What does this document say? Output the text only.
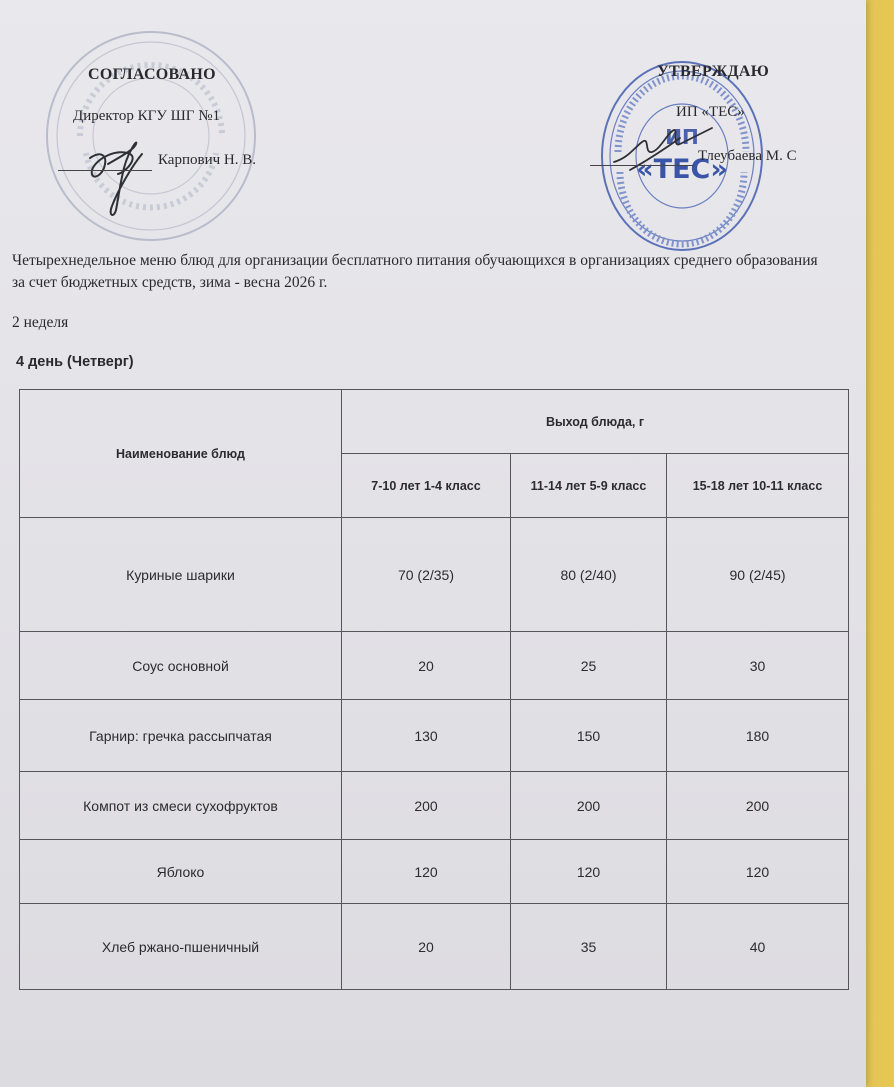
СОГЛАСОВАНО
Директор КГУ ШГ №1
Карпович Н. В.
ИП
«ТЕС»
УТВЕРЖДАЮ
ИП «ТЕС»
Тлеубаева М. С
Четырехнедельное меню блюд для организации бесплатного питания обучающихся в организациях среднего образования за счет бюджетных средств, зима - весна 2026 г.
2 неделя
4 день (Четверг)
Наименование блюд	Выход блюда, г		
	7-10 лет 1-4 класс	11-14 лет 5-9 класс	15-18 лет 10-11 класс
Куриные шарики	70 (2/35)	80 (2/40)	90 (2/45)
Соус основной	20	25	30
Гарнир: гречка рассыпчатая	130	150	180
Компот из смеси сухофруктов	200	200	200
Яблоко	120	120	120
Хлеб ржано-пшеничный	20	35	40
